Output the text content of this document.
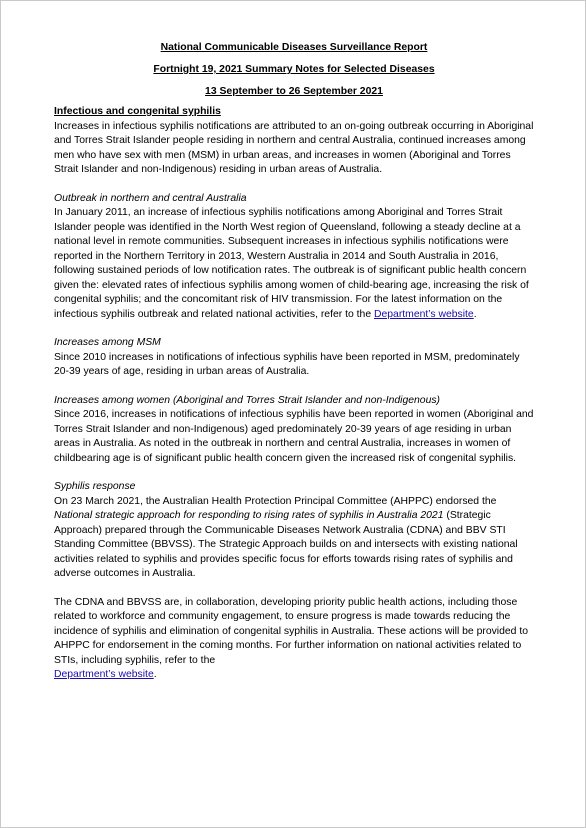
National Communicable Diseases Surveillance Report
Fortnight 19, 2021 Summary Notes for Selected Diseases
13 September to 26 September 2021
Infectious and congenital syphilis

Increases in infectious syphilis notifications are attributed to an on-going outbreak occurring in Aboriginal and Torres Strait Islander people residing in northern and central Australia, continued increases among men who have sex with men (MSM) in urban areas, and increases in women (Aboriginal and Torres Strait Islander and non-Indigenous) residing in urban areas of Australia.

Outbreak in northern and central Australia

In January 2011, an increase of infectious syphilis notifications among Aboriginal and Torres Strait Islander people was identified in the North West region of Queensland, following a steady decline at a national level in remote communities. Subsequent increases in infectious syphilis notifications were reported in the Northern Territory in 2013, Western Australia in 2014 and South Australia in 2016, following sustained periods of low notification rates. The outbreak is of significant public health concern given the: elevated rates of infectious syphilis among women of child-bearing age, increasing the risk of congenital syphilis; and the concomitant risk of HIV transmission. For the latest information on the infectious syphilis outbreak and related national activities, refer to the Department’s website.

Increases among MSM

Since 2010 increases in notifications of infectious syphilis have been reported in MSM, predominately 20-39 years of age, residing in urban areas of Australia.

Increases among women (Aboriginal and Torres Strait Islander and non-Indigenous)

Since 2016, increases in notifications of infectious syphilis have been reported in women (Aboriginal and Torres Strait Islander and non-Indigenous) aged predominately 20-39 years of age residing in urban areas in Australia. As noted in the outbreak in northern and central Australia, increases in women of childbearing age is of significant public health concern given the increased risk of congenital syphilis.

Syphilis response

On 23 March 2021, the Australian Health Protection Principal Committee (AHPPC) endorsed the National strategic approach for responding to rising rates of syphilis in Australia 2021 (Strategic Approach) prepared through the Communicable Diseases Network Australia (CDNA) and BBV STI Standing Committee (BBVSS). The Strategic Approach builds on and intersects with existing national activities related to syphilis and provides specific focus for efforts towards rising rates of syphilis and adverse outcomes in Australia.

The CDNA and BBVSS are, in collaboration, developing priority public health actions, including those related to workforce and community engagement, to ensure progress is made towards reducing the incidence of syphilis and elimination of congenital syphilis in Australia. These actions will be provided to AHPPC for endorsement in the coming months. For further information on national activities related to STIs, including syphilis, refer to the
Department’s website.
